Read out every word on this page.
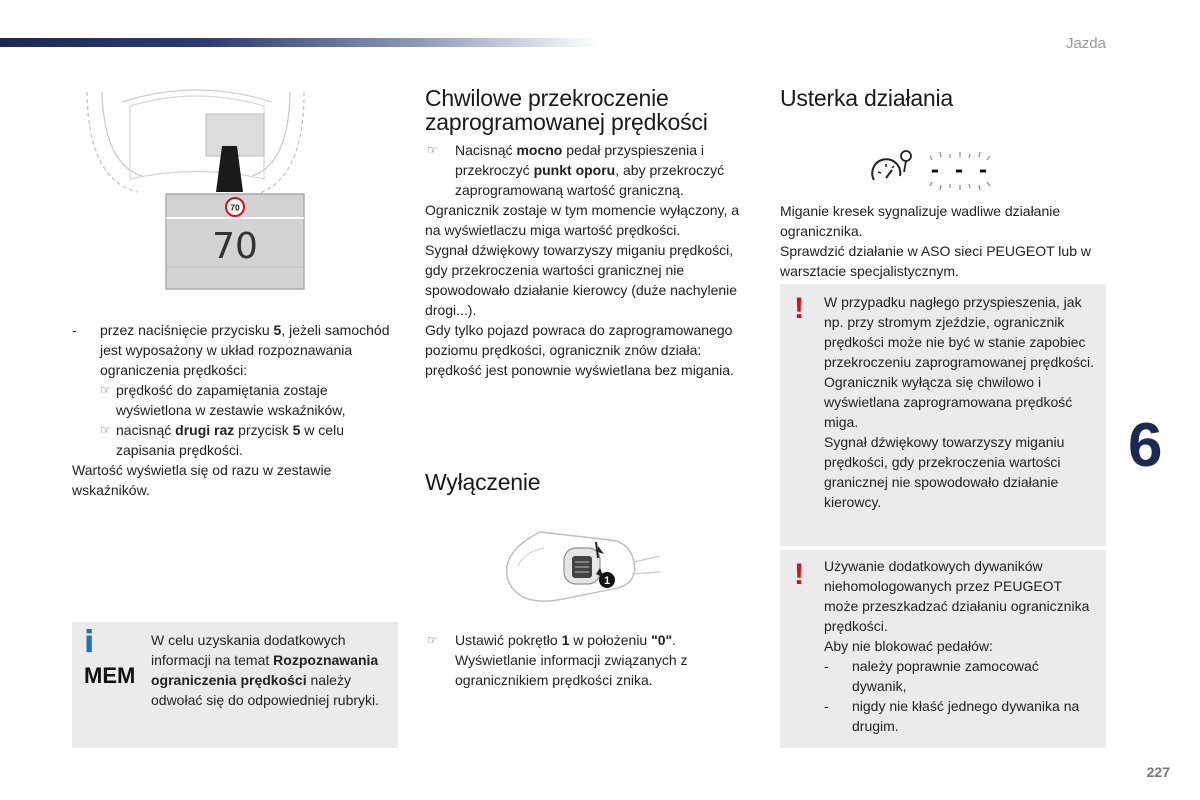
Jazda
6
227
70
70
- przez naciśnięcie przycisku 5, jeżeli samochód jest wyposażony w układ rozpoznawania ograniczenia prędkości:
☞ prędkość do zapamiętania zostaje wyświetlona w zestawie wskaźników,
☞ nacisnąć drugi raz przycisk 5 w celu zapisania prędkości.

Wartość wyświetla się od razu w zestawie wskaźników.

i
MEM

W celu uzyskania dodatkowych informacji na temat Rozpoznawania ograniczenia prędkości należy odwołać się do odpowiedniej rubryki.

Chwilowe przekroczenie
zaprogramowanej prędkości
☞ Nacisnąć mocno pedał przyspieszenia i przekroczyć punkt oporu, aby przekroczyć zaprogramowaną wartość graniczną.

Ogranicznik zostaje w tym momencie wyłączony, a na wyświetlaczu miga wartość prędkości.

Sygnał dźwiękowy towarzyszy miganiu prędkości, gdy przekroczenia wartości granicznej nie spowodowało działanie kierowcy (duże nachylenie drogi...).

Gdy tylko pojazd powraca do zaprogramowanego poziomu prędkości, ogranicznik znów działa: prędkość jest ponownie wyświetlana bez migania.

Wyłączenie
1
☞ Ustawić pokrętło 1 w położeniu "0". Wyświetlanie informacji związanych z ogranicznikiem prędkości znika.
Usterka działania
- - -

Miganie kresek sygnalizuje wadliwe działanie ogranicznika.

Sprawdzić działanie w ASO sieci PEUGEOT lub w warsztacie specjalistycznym.

! W przypadku nagłego przyspieszenia, jak np. przy stromym zjeździe, ogranicznik prędkości może nie być w stanie zapobiec przekroczeniu zaprogramowanej prędkości.

Ogranicznik wyłącza się chwilowo i wyświetlana zaprogramowana prędkość miga.

Sygnał dźwiękowy towarzyszy miganiu prędkości, gdy przekroczenia wartości granicznej nie spowodowało działanie kierowcy.

! Używanie dodatkowych dywaników niehomologowanych przez PEUGEOT może przeszkadzać działaniu ogranicznika prędkości.

Aby nie blokować pedałów:

- należy poprawnie zamocować dywanik,
- nigdy nie kłaść jednego dywanika na drugim.
